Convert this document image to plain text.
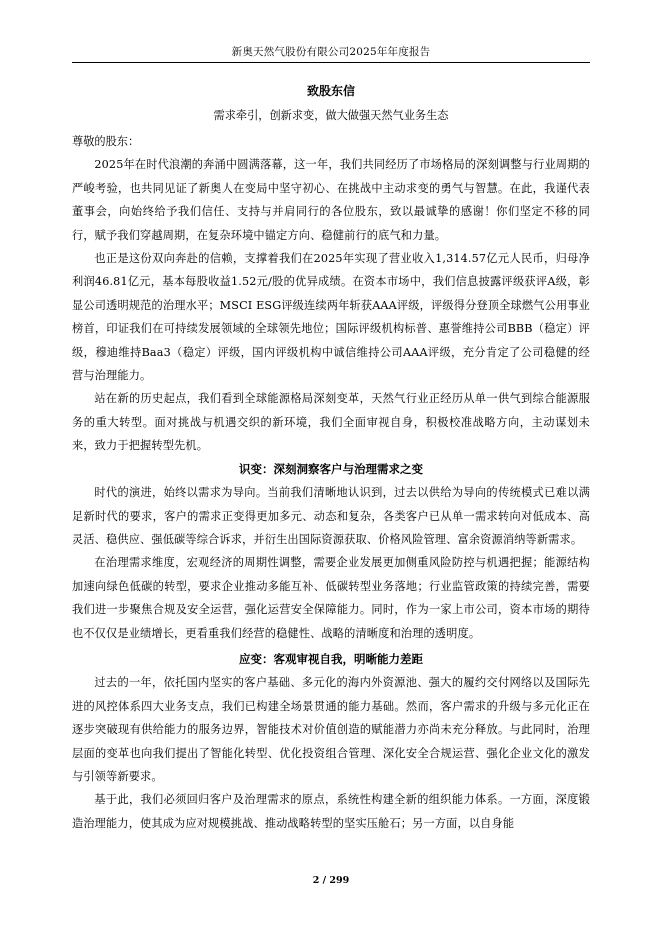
新奥天然气股份有限公司2025年年度报告
致股东信
需求牵引，创新求变，做大做强天然气业务生态

尊敬的股东：

2025年在时代浪潮的奔涌中圆满落幕，这一年，我们共同经历了市场格局的深刻调整与行业周期的严峻考验，也共同见证了新奥人在变局中坚守初心、在挑战中主动求变的勇气与智慧。在此，我谨代表董事会，向始终给予我们信任、支持与并肩同行的各位股东，致以最诚挚的感谢！你们坚定不移的同行，赋予我们穿越周期，在复杂环境中锚定方向、稳健前行的底气和力量。

也正是这份双向奔赴的信赖，支撑着我们在2025年实现了营业收入1,314.57亿元人民币，归母净利润46.81亿元，基本每股收益1.52元/股的优异成绩。在资本市场中，我们信息披露评级获评A级，彰显公司透明规范的治理水平；MSCI ESG评级连续两年斩获AAA评级，评级得分登顶全球燃气公用事业榜首，印证我们在可持续发展领域的全球领先地位；国际评级机构标普、惠誉维持公司BBB（稳定）评级，穆迪维持Baa3（稳定）评级，国内评级机构中诚信维持公司AAA评级，充分肯定了公司稳健的经营与治理能力。

站在新的历史起点，我们看到全球能源格局深刻变革，天然气行业正经历从单一供气到综合能源服务的重大转型。面对挑战与机遇交织的新环境，我们全面审视自身，积极校准战略方向，主动谋划未来，致力于把握转型先机。

识变：深刻洞察客户与治理需求之变

时代的演进，始终以需求为导向。当前我们清晰地认识到，过去以供给为导向的传统模式已难以满足新时代的要求，客户的需求正变得更加多元、动态和复杂，各类客户已从单一需求转向对低成本、高灵活、稳供应、强低碳等综合诉求，并衍生出国际资源获取、价格风险管理、富余资源消纳等新需求。

在治理需求维度，宏观经济的周期性调整，需要企业发展更加侧重风险防控与机遇把握；能源结构加速向绿色低碳的转型，要求企业推动多能互补、低碳转型业务落地；行业监管政策的持续完善，需要我们进一步聚焦合规及安全运营，强化运营安全保障能力。同时，作为一家上市公司，资本市场的期待也不仅仅是业绩增长，更看重我们经营的稳健性、战略的清晰度和治理的透明度。

应变：客观审视自我，明晰能力差距

过去的一年，依托国内坚实的客户基础、多元化的海内外资源池、强大的履约交付网络以及国际先进的风控体系四大业务支点，我们已构建全场景贯通的能力基础。然而，客户需求的升级与多元化正在逐步突破现有供给能力的服务边界，智能技术对价值创造的赋能潜力亦尚未充分释放。与此同时，治理层面的变革也向我们提出了智能化转型、优化投资组合管理、深化安全合规运营、强化企业文化的激发与引领等新要求。

基于此，我们必须回归客户及治理需求的原点，系统性构建全新的组织能力体系。一方面，深度锻造治理能力，使其成为应对规模挑战、推动战略转型的坚实压舱石；另一方面，以自身能

2 / 299
